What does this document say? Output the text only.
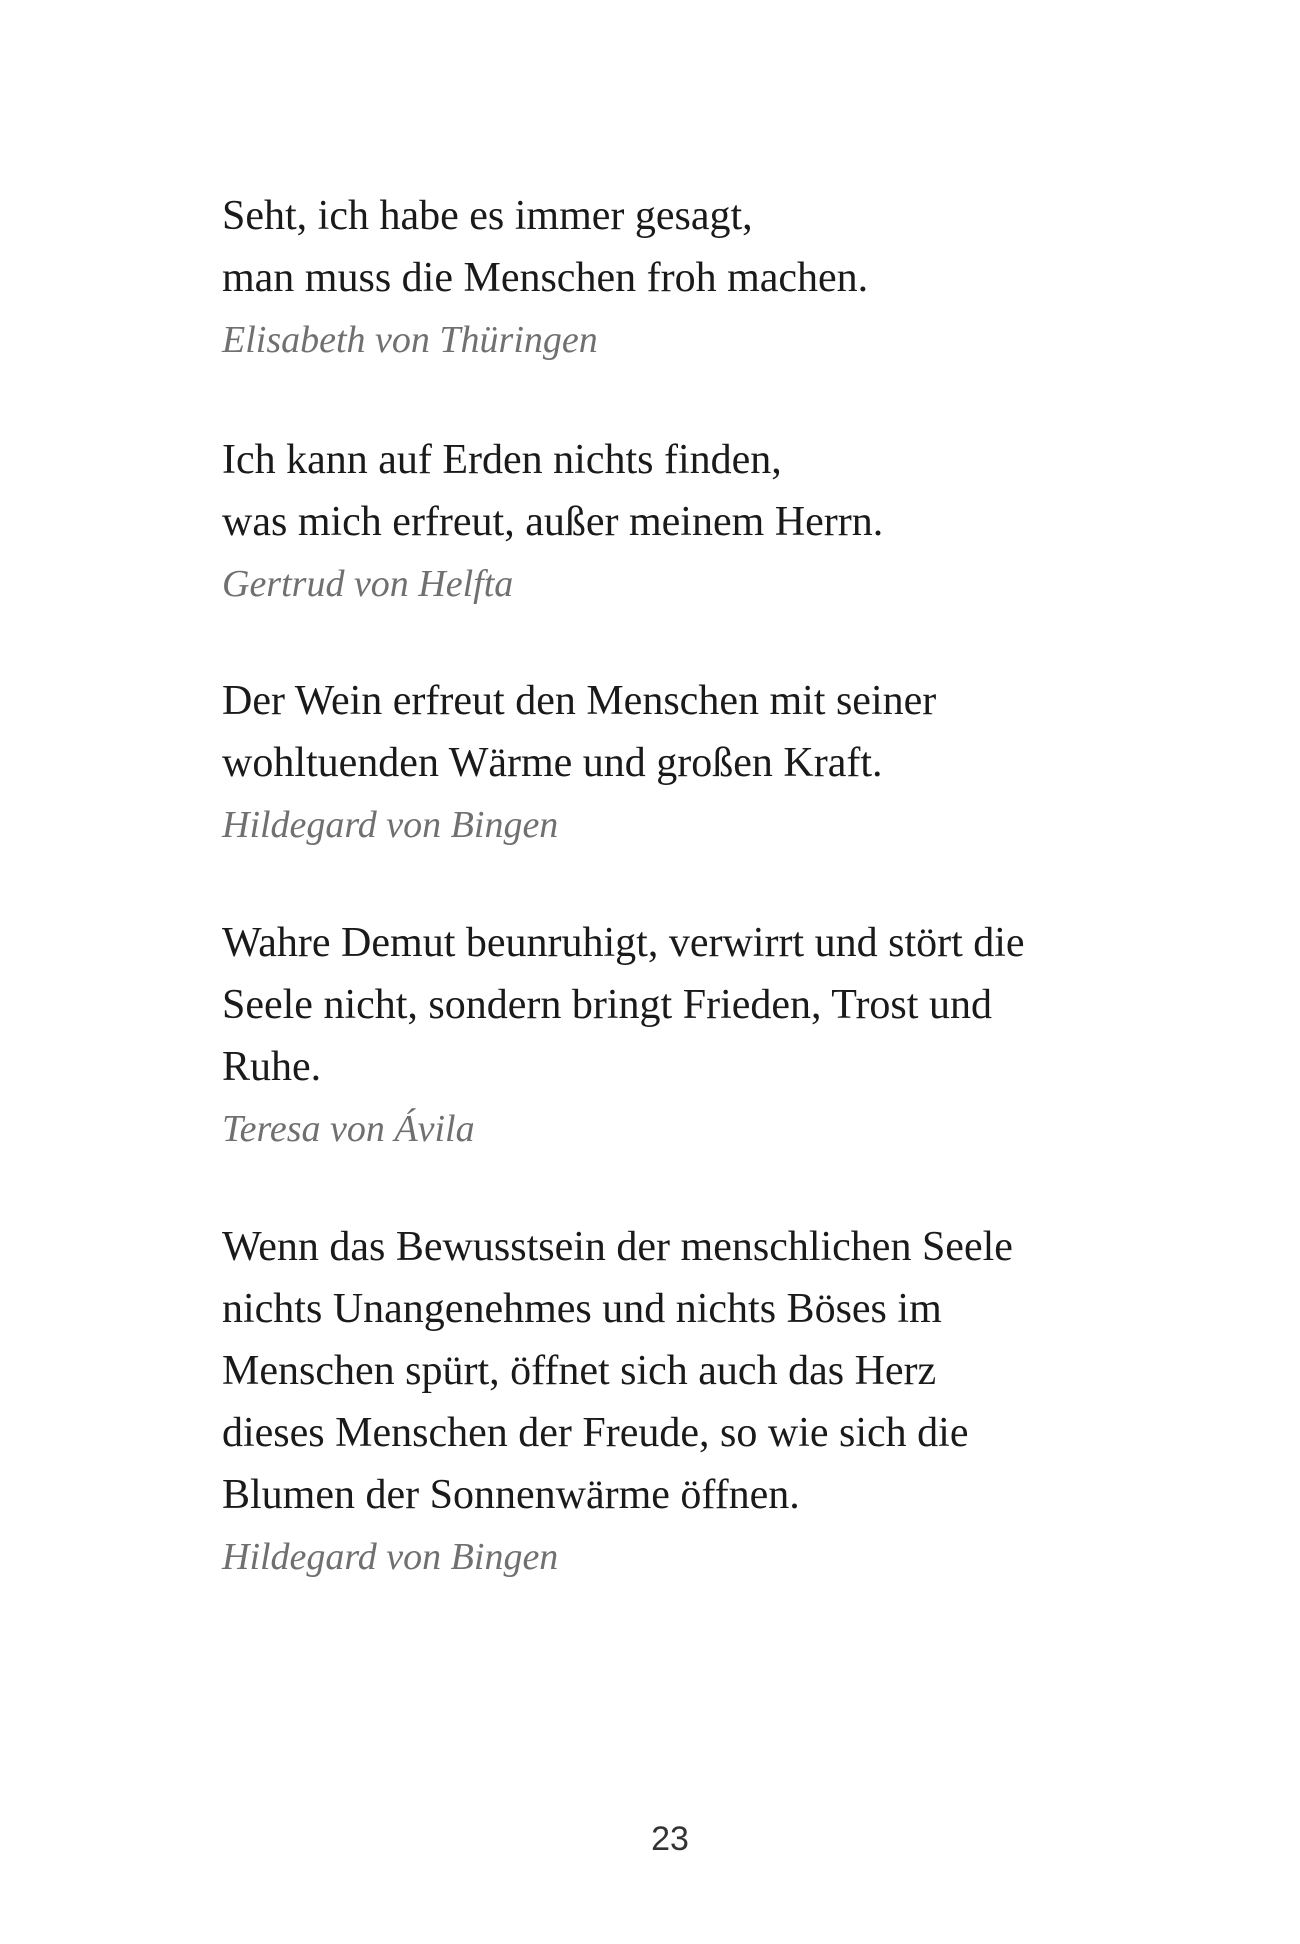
Seht, ich habe es immer gesagt,
man muss die Menschen froh machen.
Elisabeth von Thüringen
Ich kann auf Erden nichts finden,
was mich erfreut, außer meinem Herrn.
Gertrud von Helfta
Der Wein erfreut den Menschen mit seiner
wohltuenden Wärme und großen Kraft.
Hildegard von Bingen
Wahre Demut beunruhigt, verwirrt und stört die
Seele nicht, sondern bringt Frieden, Trost und
Ruhe.
Teresa von Ávila
Wenn das Bewusstsein der menschlichen Seele
nichts Unangenehmes und nichts Böses im
Menschen spürt, öffnet sich auch das Herz
dieses Menschen der Freude, so wie sich die
Blumen der Sonnenwärme öffnen.
Hildegard von Bingen
23
